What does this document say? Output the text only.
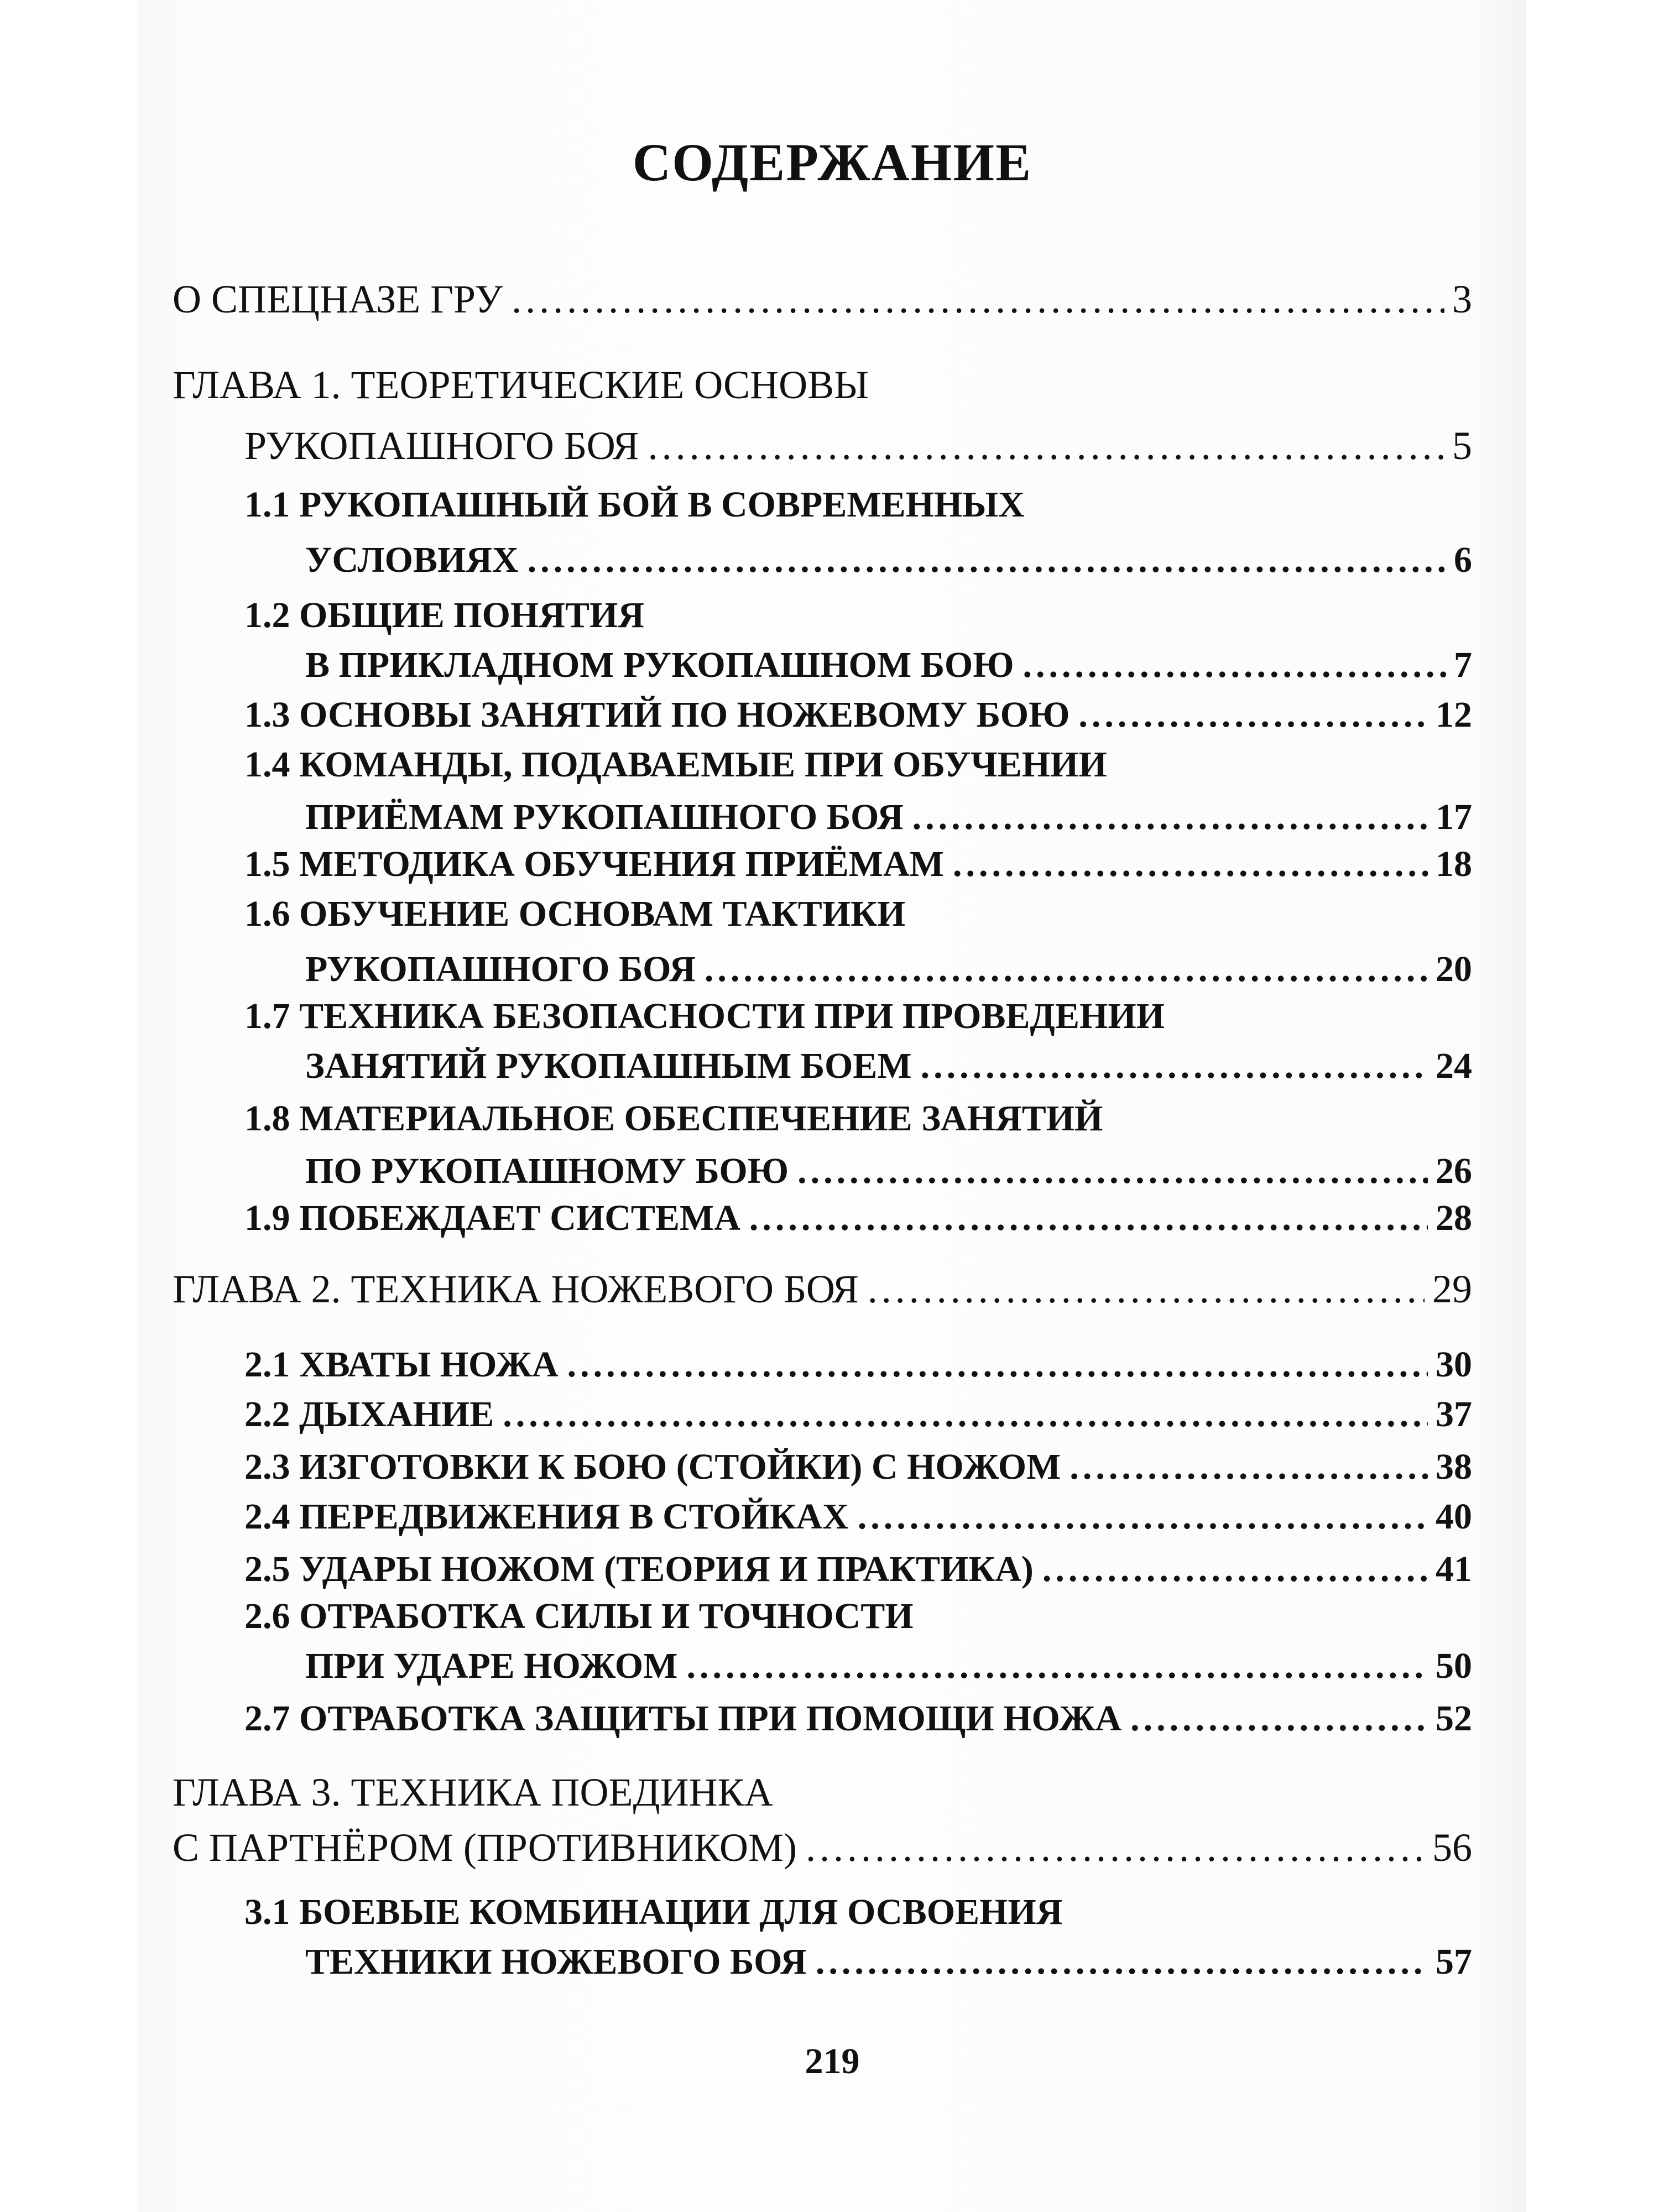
СОДЕРЖАНИЕ
О СПЕЦНАЗЕ ГРУ .....	3
ГЛАВА 1. ТЕОРЕТИЧЕСКИЕ ОСНОВЫ
РУКОПАШНОГО БОЯ .....	5
1.1 РУКОПАШНЫЙ БОЙ В СОВРЕМЕННЫХ
УСЛОВИЯХ .....	6
1.2 ОБЩИЕ ПОНЯТИЯ
В ПРИКЛАДНОМ РУКОПАШНОМ БОЮ .....	7
1.3 ОСНОВЫ ЗАНЯТИЙ ПО НОЖЕВОМУ БОЮ .....	12
1.4 КОМАНДЫ, ПОДАВАЕМЫЕ ПРИ ОБУЧЕНИИ
ПРИЁМАМ РУКОПАШНОГО БОЯ .....	17
1.5 МЕТОДИКА ОБУЧЕНИЯ ПРИЁМАМ .....	18
1.6 ОБУЧЕНИЕ ОСНОВАМ ТАКТИКИ
РУКОПАШНОГО БОЯ .....	20
1.7 ТЕХНИКА БЕЗОПАСНОСТИ ПРИ ПРОВЕДЕНИИ
ЗАНЯТИЙ РУКОПАШНЫМ БОЕМ .....	24
1.8 МАТЕРИАЛЬНОЕ ОБЕСПЕЧЕНИЕ ЗАНЯТИЙ
ПО РУКОПАШНОМУ БОЮ .....	26
1.9 ПОБЕЖДАЕТ СИСТЕМА .....	28
ГЛАВА 2. ТЕХНИКА НОЖЕВОГО БОЯ .....	29
2.1 ХВАТЫ НОЖА .....	30
2.2 ДЫХАНИЕ .....	37
2.3 ИЗГОТОВКИ К БОЮ (СТОЙКИ) С НОЖОМ .....	38
2.4 ПЕРЕДВИЖЕНИЯ В СТОЙКАХ .....	40
2.5 УДАРЫ НОЖОМ (ТЕОРИЯ И ПРАКТИКА) .....	41
2.6 ОТРАБОТКА СИЛЫ И ТОЧНОСТИ
ПРИ УДАРЕ НОЖОМ .....	50
2.7 ОТРАБОТКА ЗАЩИТЫ ПРИ ПОМОЩИ НОЖА .....	52
ГЛАВА 3. ТЕХНИКА ПОЕДИНКА
С ПАРТНЁРОМ (ПРОТИВНИКОМ) .....	56
3.1 БОЕВЫЕ КОМБИНАЦИИ ДЛЯ ОСВОЕНИЯ
ТЕХНИКИ НОЖЕВОГО БОЯ .....	57
219
